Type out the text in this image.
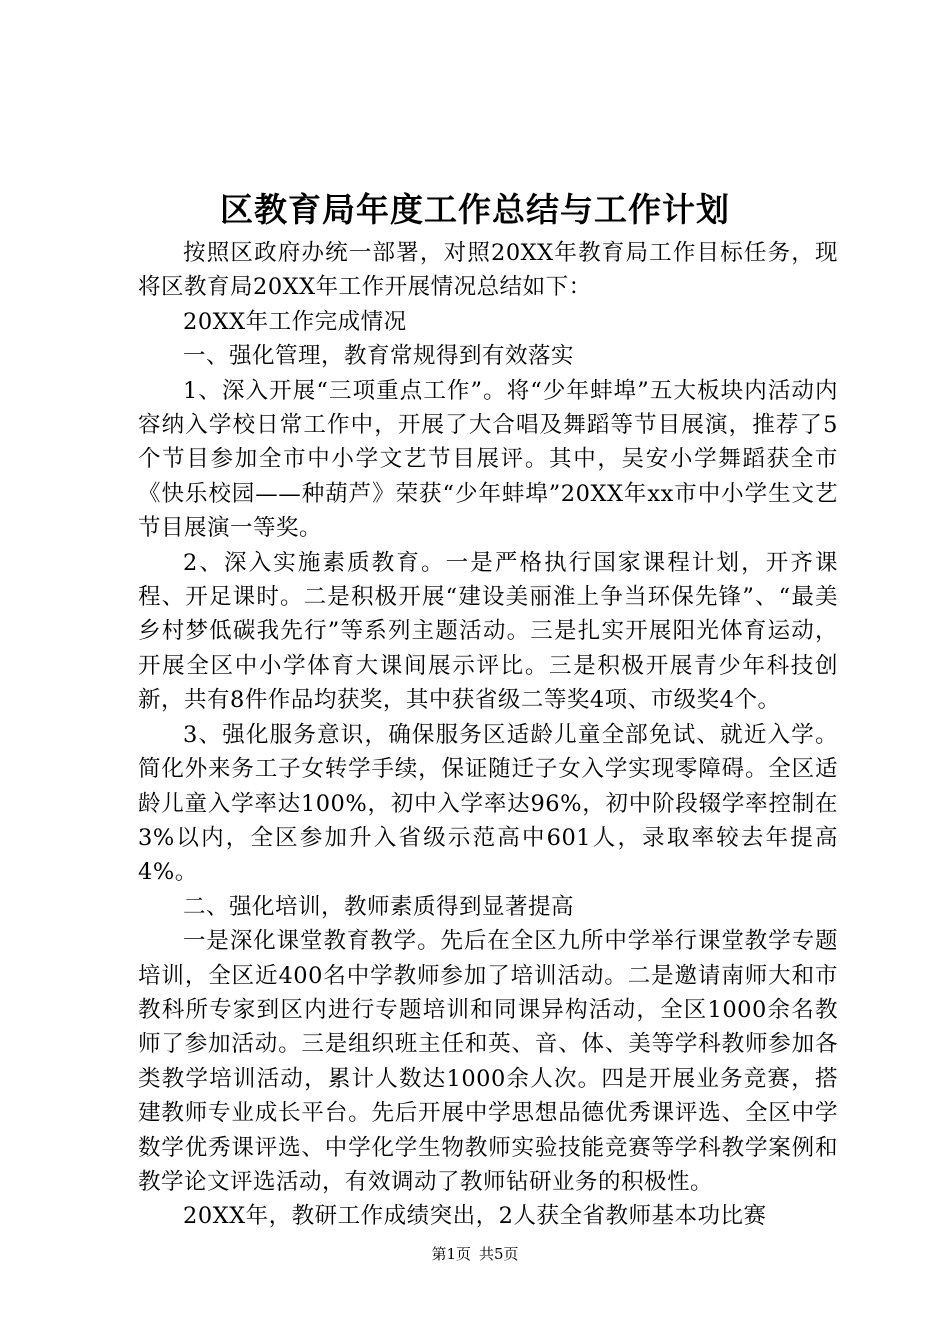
区教育局年度工作总结与工作计划

按照区政府办统一部署，对照20XX年教育局工作目标任务，现将区教育局20XX年工作开展情况总结如下：

20XX年工作完成情况

一、强化管理，教育常规得到有效落实

1、深入开展“三项重点工作”。将“少年蚌埠”五大板块内活动内容纳入学校日常工作中，开展了大合唱及舞蹈等节目展演，推荐了5个节目参加全市中小学文艺节目展评。其中，吴安小学舞蹈获全市《快乐校园——种葫芦》荣获“少年蚌埠”20XX年xx市中小学生文艺节目展演一等奖。

2、深入实施素质教育。一是严格执行国家课程计划，开齐课程、开足课时。二是积极开展“建设美丽淮上争当环保先锋”、“最美乡村梦低碳我先行”等系列主题活动。三是扎实开展阳光体育运动，开展全区中小学体育大课间展示评比。三是积极开展青少年科技创新，共有8件作品均获奖，其中获省级二等奖4项、市级奖4个。

3、强化服务意识，确保服务区适龄儿童全部免试、就近入学。简化外来务工子女转学手续，保证随迁子女入学实现零障碍。全区适龄儿童入学率达100%，初中入学率达96%，初中阶段辍学率控制在3%以内，全区参加升入省级示范高中601人，录取率较去年提高4%。

二、强化培训，教师素质得到显著提高

一是深化课堂教育教学。先后在全区九所中学举行课堂教学专题培训，全区近400名中学教师参加了培训活动。二是邀请南师大和市教科所专家到区内进行专题培训和同课异构活动，全区1000余名教师了参加活动。三是组织班主任和英、音、体、美等学科教师参加各类教学培训活动，累计人数达1000余人次。四是开展业务竞赛，搭建教师专业成长平台。先后开展中学思想品德优秀课评选、全区中学数学优秀课评选、中学化学生物教师实验技能竞赛等学科教学案例和教学论文评选活动，有效调动了教师钻研业务的积极性。

20XX年，教研工作成绩突出，2人获全省教师基本功比赛

第1页 共5页
